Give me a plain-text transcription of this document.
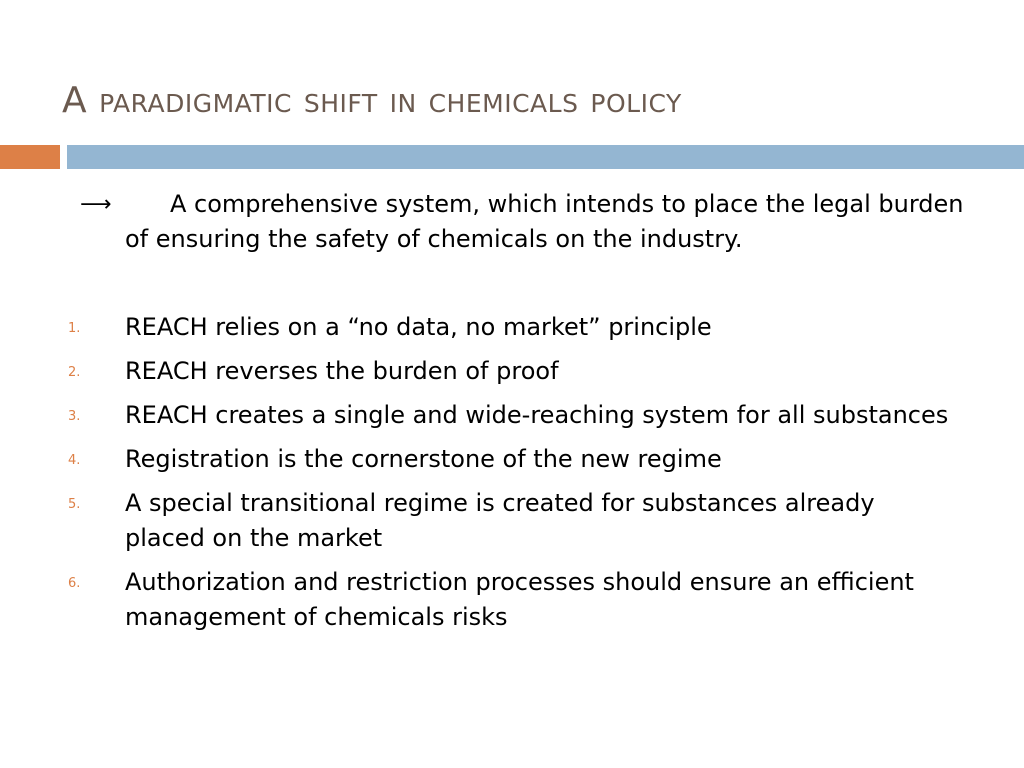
A paradigmatic shift in chemicals policy

⟶	A comprehensive system, which intends to place the legal burden of ensuring the safety of chemicals on the industry.

1. REACH relies on a “no data, no market” principle
2. REACH reverses the burden of proof
3. REACH creates a single and wide-reaching system for all substances
4. Registration is the cornerstone of the new regime
5. A special transitional regime is created for substances already placed on the market
6. Authorization and restriction processes should ensure an efficient management of chemicals risks
